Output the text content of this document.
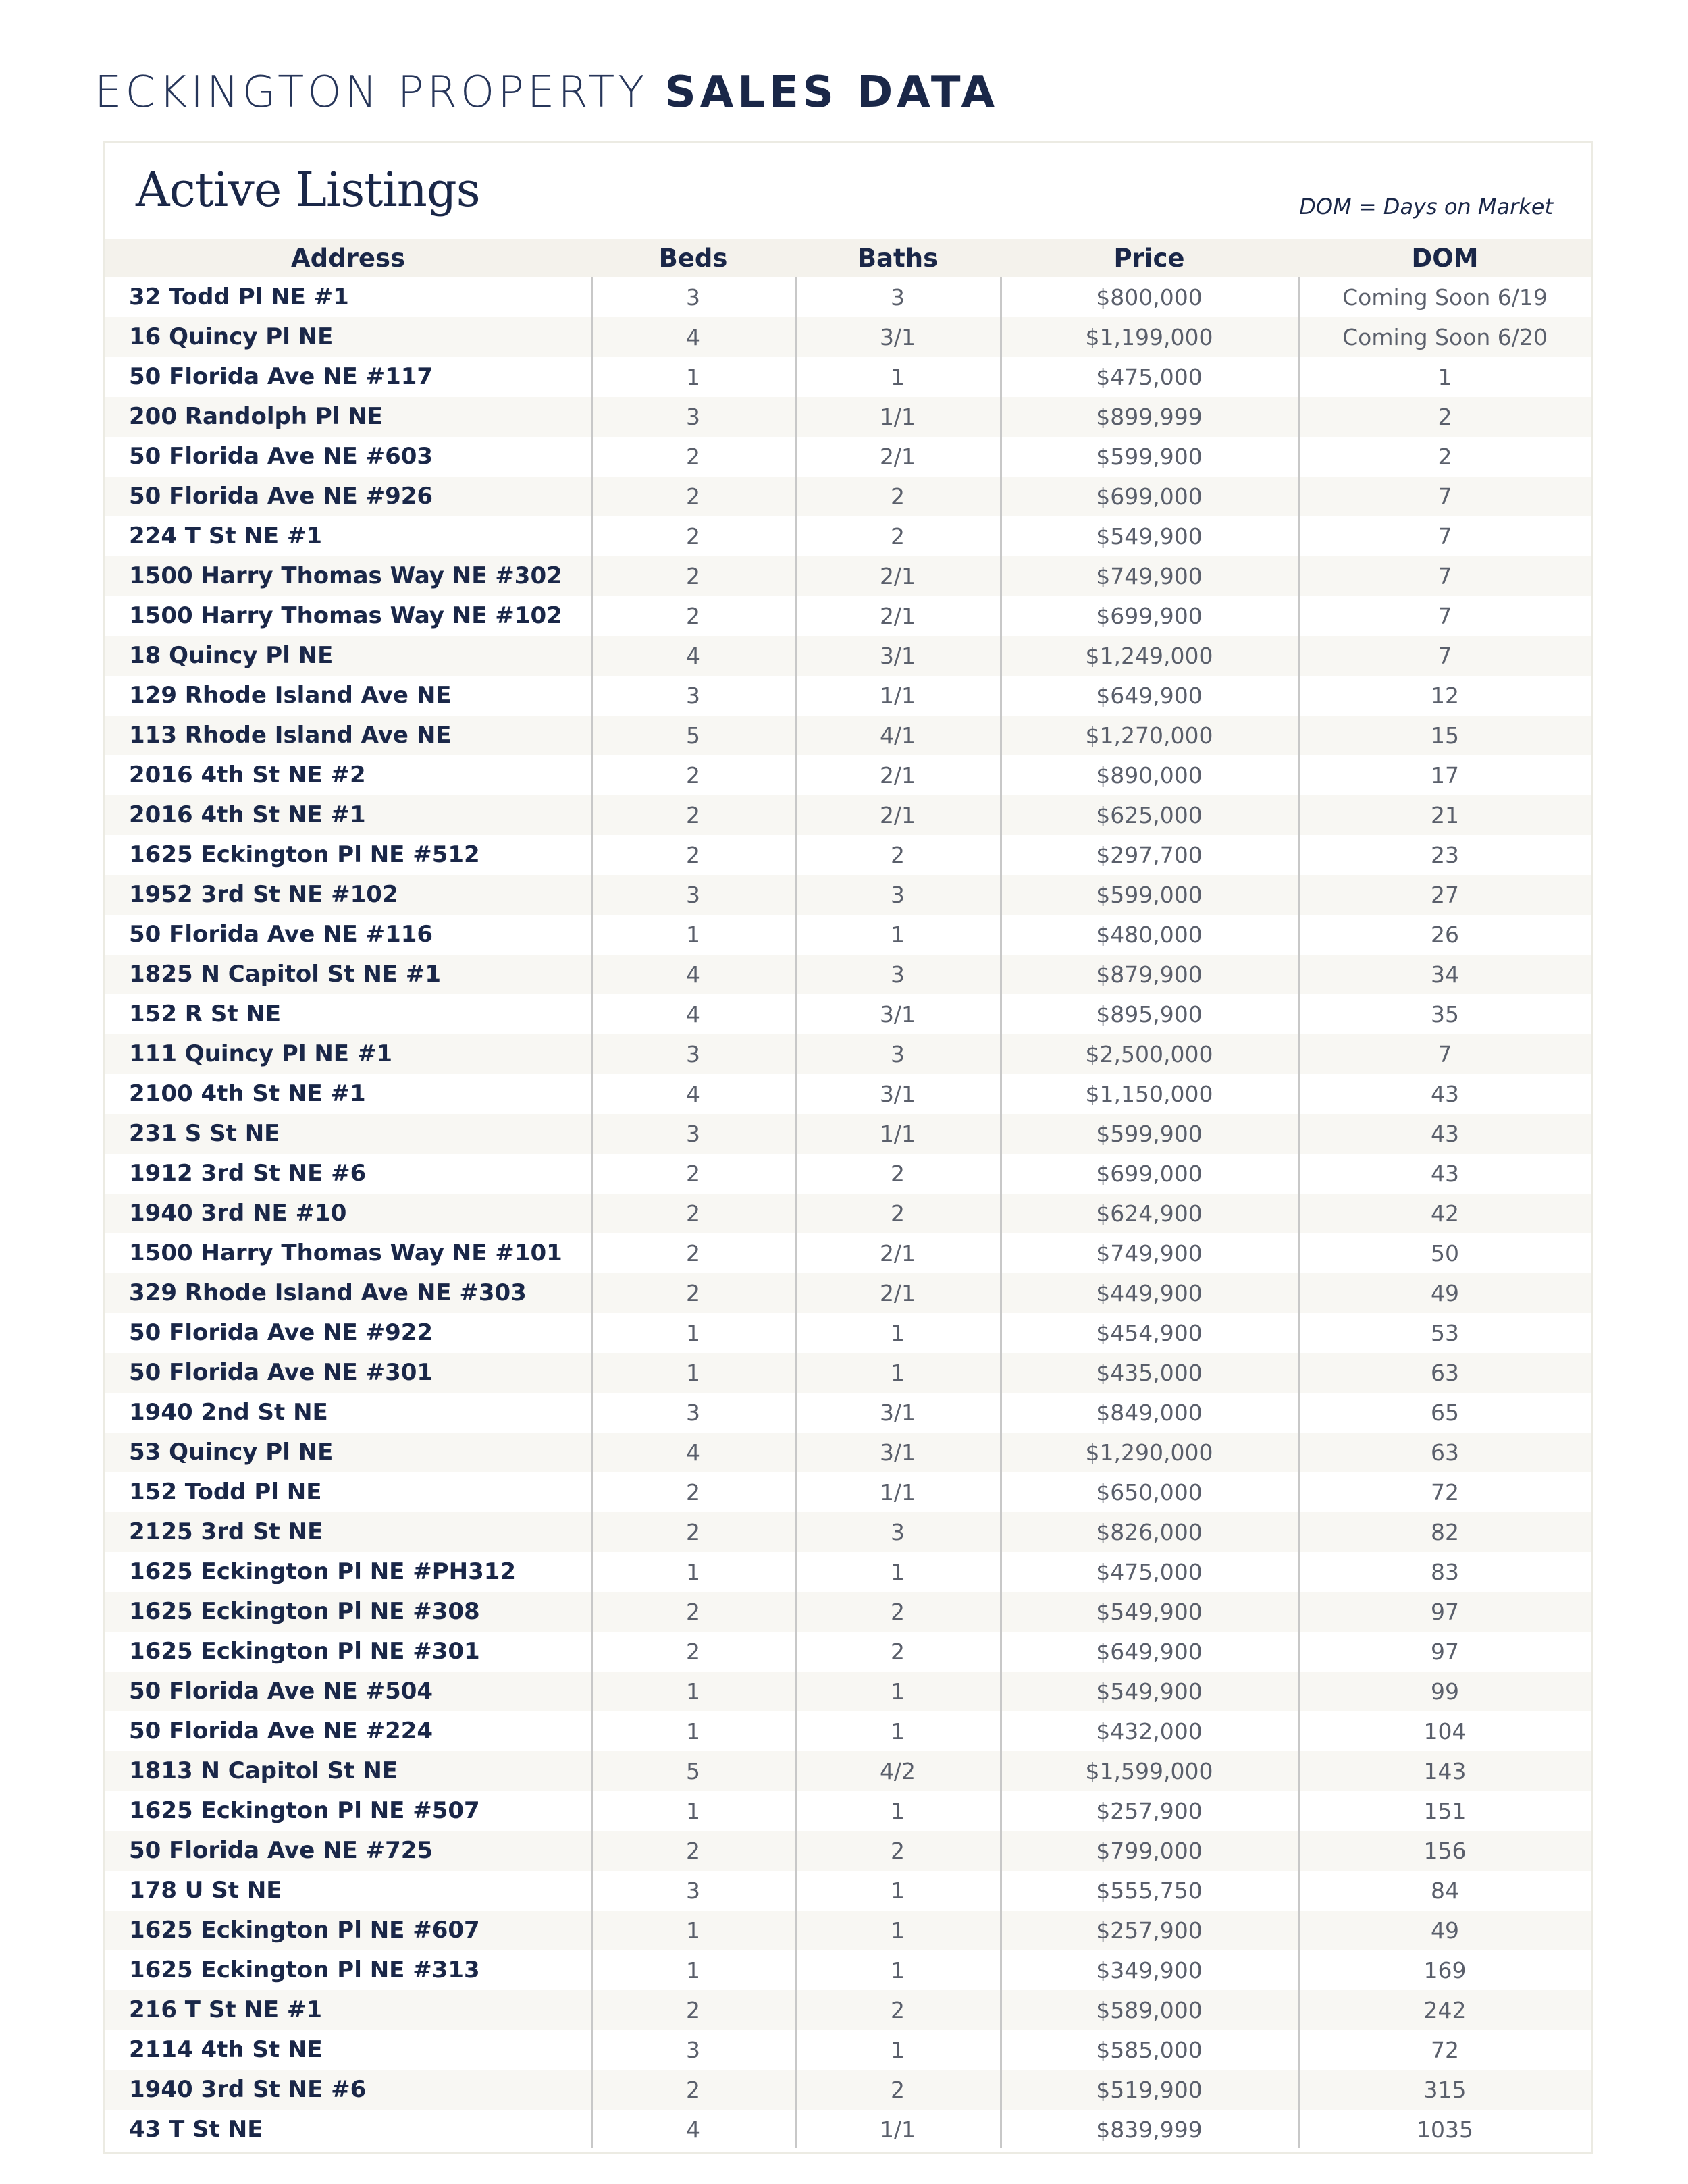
ECKINGTON PROPERTY SALES DATA
Active Listings	DOM = Days on Market
Address	Beds	Baths	Price	DOM
32 Todd Pl NE #1	3	3	$800,000	Coming Soon 6/19
16 Quincy Pl NE	4	3/1	$1,199,000	Coming Soon 6/20
50 Florida Ave NE #117	1	1	$475,000	1
200 Randolph Pl NE	3	1/1	$899,999	2
50 Florida Ave NE #603	2	2/1	$599,900	2
50 Florida Ave NE #926	2	2	$699,000	7
224 T St NE #1	2	2	$549,900	7
1500 Harry Thomas Way NE #302	2	2/1	$749,900	7
1500 Harry Thomas Way NE #102	2	2/1	$699,900	7
18 Quincy Pl NE	4	3/1	$1,249,000	7
129 Rhode Island Ave NE	3	1/1	$649,900	12
113 Rhode Island Ave NE	5	4/1	$1,270,000	15
2016 4th St NE #2	2	2/1	$890,000	17
2016 4th St NE #1	2	2/1	$625,000	21
1625 Eckington Pl NE #512	2	2	$297,700	23
1952 3rd St NE #102	3	3	$599,000	27
50 Florida Ave NE #116	1	1	$480,000	26
1825 N Capitol St NE #1	4	3	$879,900	34
152 R St NE	4	3/1	$895,900	35
111 Quincy Pl NE #1	3	3	$2,500,000	7
2100 4th St NE #1	4	3/1	$1,150,000	43
231 S St NE	3	1/1	$599,900	43
1912 3rd St NE #6	2	2	$699,000	43
1940 3rd NE #10	2	2	$624,900	42
1500 Harry Thomas Way NE #101	2	2/1	$749,900	50
329 Rhode Island Ave NE #303	2	2/1	$449,900	49
50 Florida Ave NE #922	1	1	$454,900	53
50 Florida Ave NE #301	1	1	$435,000	63
1940 2nd St NE	3	3/1	$849,000	65
53 Quincy Pl NE	4	3/1	$1,290,000	63
152 Todd Pl NE	2	1/1	$650,000	72
2125 3rd St NE	2	3	$826,000	82
1625 Eckington Pl NE #PH312	1	1	$475,000	83
1625 Eckington Pl NE #308	2	2	$549,900	97
1625 Eckington Pl NE #301	2	2	$649,900	97
50 Florida Ave NE #504	1	1	$549,900	99
50 Florida Ave NE #224	1	1	$432,000	104
1813 N Capitol St NE	5	4/2	$1,599,000	143
1625 Eckington Pl NE #507	1	1	$257,900	151
50 Florida Ave NE #725	2	2	$799,000	156
178 U St NE	3	1	$555,750	84
1625 Eckington Pl NE #607	1	1	$257,900	49
1625 Eckington Pl NE #313	1	1	$349,900	169
216 T St NE #1	2	2	$589,000	242
2114 4th St NE	3	1	$585,000	72
1940 3rd St NE #6	2	2	$519,900	315
43 T St NE	4	1/1	$839,999	1035
